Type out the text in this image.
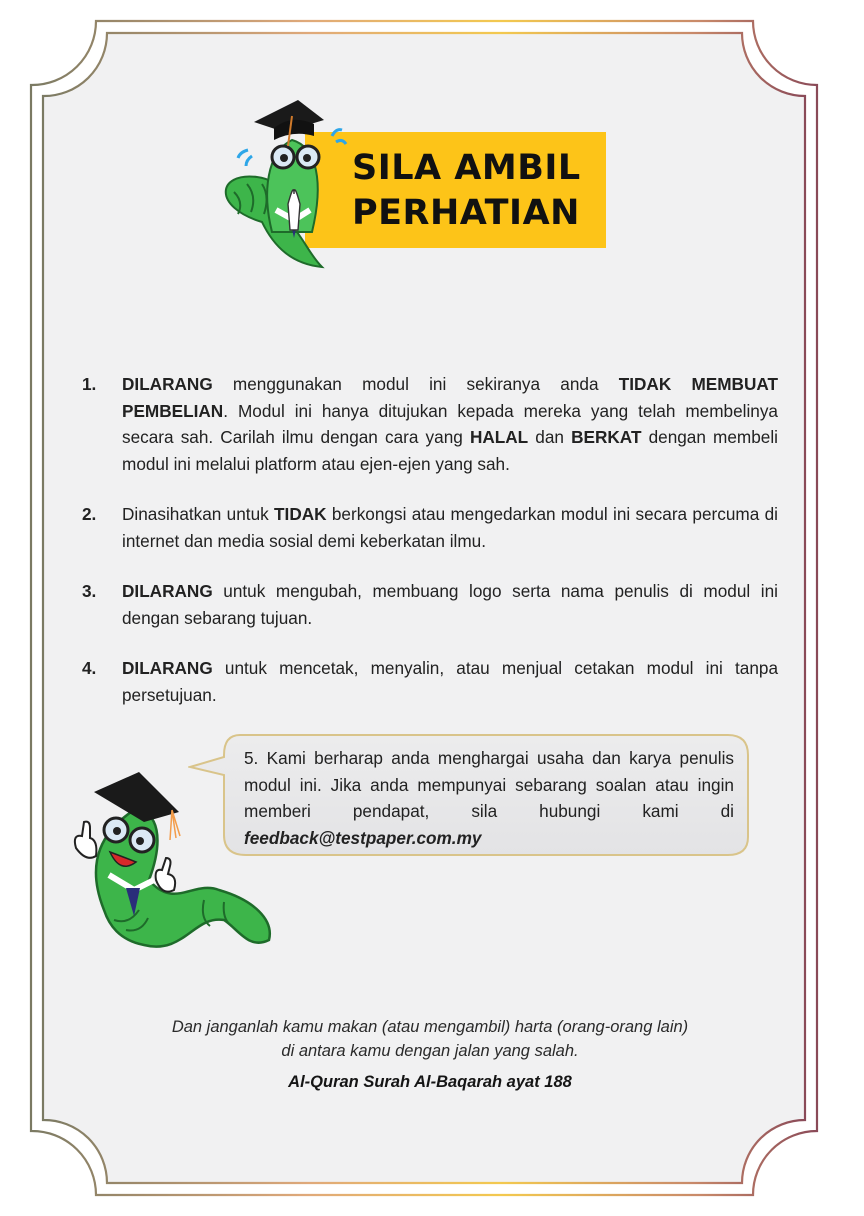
SILA AMBIL
PERHATIAN
1. DILARANG menggunakan modul ini sekiranya anda TIDAK MEMBUAT PEMBELIAN. Modul ini hanya ditujukan kepada mereka yang telah membelinya secara sah. Carilah ilmu dengan cara yang HALAL dan BERKAT dengan membeli modul ini melalui platform atau ejen-ejen yang sah.
2. Dinasihatkan untuk TIDAK berkongsi atau mengedarkan modul ini secara percuma di internet dan media sosial demi keberkatan ilmu.
3. DILARANG untuk mengubah, membuang logo serta nama penulis di modul ini dengan sebarang tujuan.
4. DILARANG untuk mencetak, menyalin, atau menjual cetakan modul ini tanpa persetujuan.
5. Kami berharap anda menghargai usaha dan karya penulis modul ini. Jika anda mempunyai sebarang soalan atau ingin memberi pendapat, sila hubungi kami di feedback@testpaper.com.my
Dan janganlah kamu makan (atau mengambil) harta (orang-orang lain)
di antara kamu dengan jalan yang salah.
Al-Quran Surah Al-Baqarah ayat 188
